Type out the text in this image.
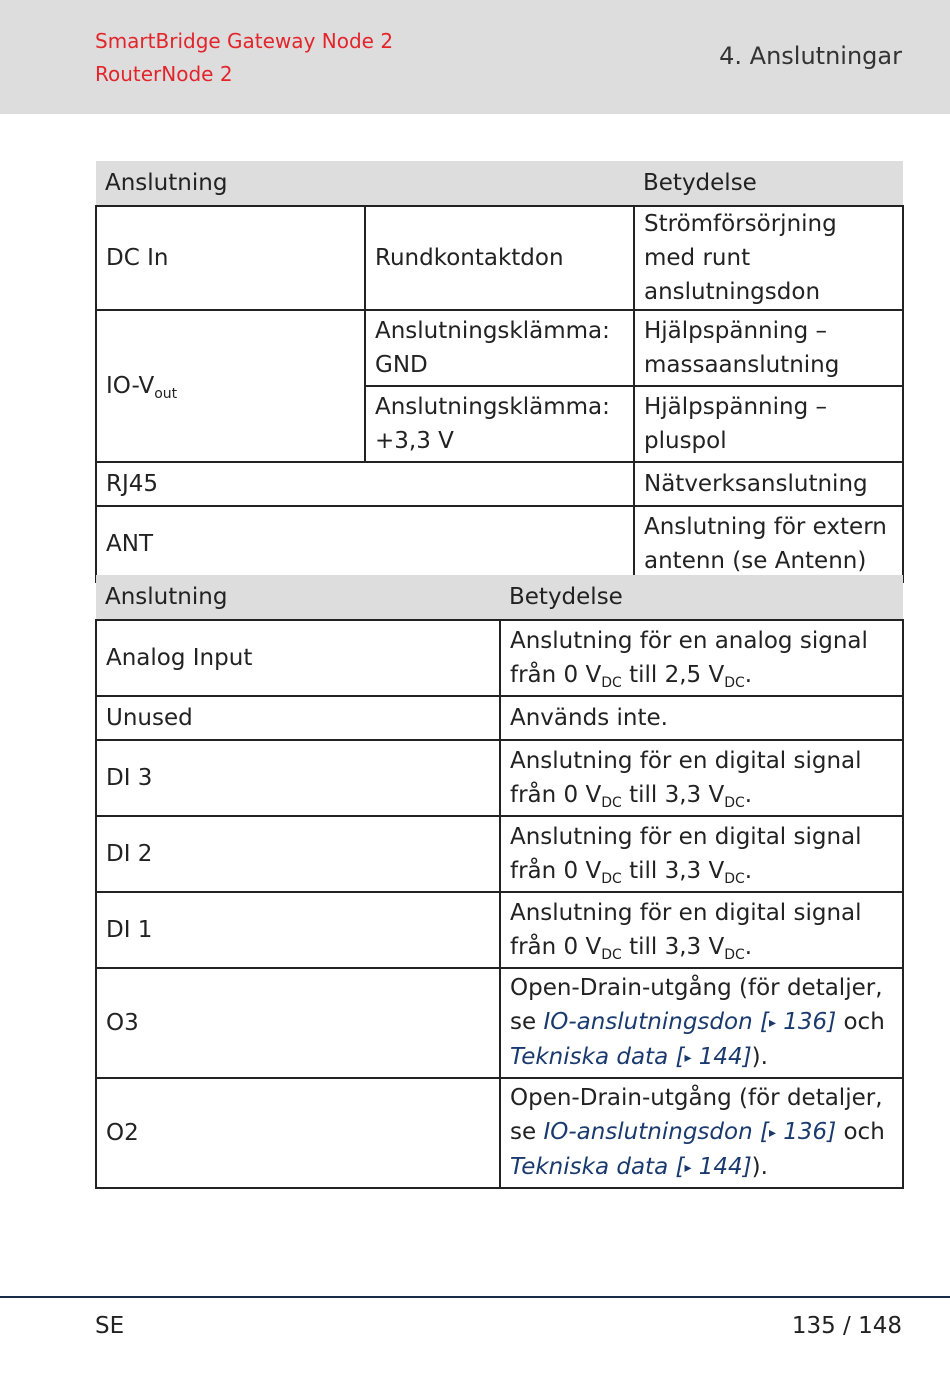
SmartBridge Gateway Node 2
RouterNode 2
4. Anslutningar
Anslutning		Betydelse
DC In	Rundkontaktdon	Strömförsörjning med runt anslutningsdon
$IO-V_{out}$	Anslutningsklämma: GND	Hjälpspänning – massaanslutning
	Anslutningsklämma: +3,3 V	Hjälpspänning – pluspol
RJ45		Nätverksanslutning
ANT		Anslutning för extern antenn (se Antenn)
Anslutning	Betydelse
Analog Input	Anslutning för en analog signal från 0 $V_{DC}$ till 2,5 $V_{DC}$.
Unused	Används inte.
DI 3	Anslutning för en digital signal från 0 $V_{DC}$ till 3,3 $V_{DC}$.
DI 2	Anslutning för en digital signal från 0 $V_{DC}$ till 3,3 $V_{DC}$.
DI 1	Anslutning för en digital signal från 0 $V_{DC}$ till 3,3 $V_{DC}$.
O3	Open-Drain-utgång (för detaljer, se IO-anslutningsdon [▸ 136] och Tekniska data [▸ 144]).
O2	Open-Drain-utgång (för detaljer, se IO-anslutningsdon [▸ 136] och Tekniska data [▸ 144]).
SE	135 / 148
